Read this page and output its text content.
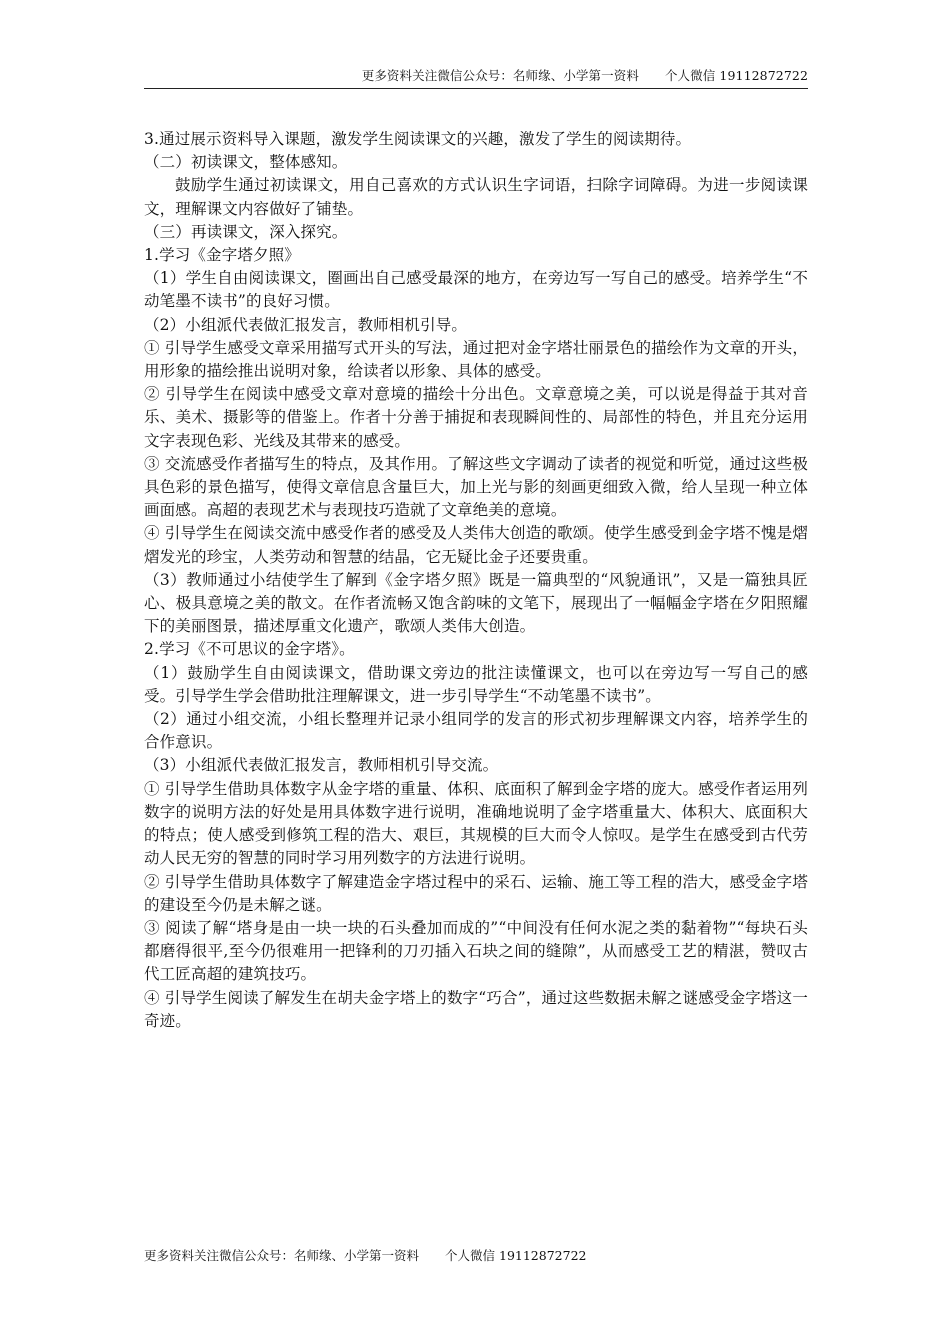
更多资料关注微信公众号：名师缘、小学第一资料 个人微信 19112872722

3.通过展示资料导入课题，激发学生阅读课文的兴趣，激发了学生的阅读期待。

（二）初读课文，整体感知。

鼓励学生通过初读课文，用自己喜欢的方式认识生字词语，扫除字词障碍。为进一步阅读课文，理解课文内容做好了铺垫。

（三）再读课文，深入探究。

1.学习《金字塔夕照》

（1）学生自由阅读课文，圈画出自己感受最深的地方，在旁边写一写自己的感受。培养学生“不动笔墨不读书”的良好习惯。

（2）小组派代表做汇报发言，教师相机引导。

① 引导学生感受文章采用描写式开头的写法，通过把对金字塔壮丽景色的描绘作为文章的开头，用形象的描绘推出说明对象，给读者以形象、具体的感受。

② 引导学生在阅读中感受文章对意境的描绘十分出色。文章意境之美，可以说是得益于其对音乐、美术、摄影等的借鉴上。作者十分善于捕捉和表现瞬间性的、局部性的特色，并且充分运用文字表现色彩、光线及其带来的感受。

③ 交流感受作者描写生的特点，及其作用。了解这些文字调动了读者的视觉和听觉，通过这些极具色彩的景色描写，使得文章信息含量巨大，加上光与影的刻画更细致入微，给人呈现一种立体画面感。高超的表现艺术与表现技巧造就了文章绝美的意境。

④ 引导学生在阅读交流中感受作者的感受及人类伟大创造的歌颂。使学生感受到金字塔不愧是熠熠发光的珍宝，人类劳动和智慧的结晶，它无疑比金子还要贵重。

（3）教师通过小结使学生了解到《金字塔夕照》既是一篇典型的“风貌通讯”，又是一篇独具匠心、极具意境之美的散文。在作者流畅又饱含韵味的文笔下，展现出了一幅幅金字塔在夕阳照耀下的美丽图景，描述厚重文化遗产，歌颂人类伟大创造。

2.学习《不可思议的金字塔》。

（1）鼓励学生自由阅读课文，借助课文旁边的批注读懂课文，也可以在旁边写一写自己的感受。引导学生学会借助批注理解课文，进一步引导学生“不动笔墨不读书”。

（2）通过小组交流，小组长整理并记录小组同学的发言的形式初步理解课文内容，培养学生的合作意识。

（3）小组派代表做汇报发言，教师相机引导交流。

① 引导学生借助具体数字从金字塔的重量、体积、底面积了解到金字塔的庞大。感受作者运用列数字的说明方法的好处是用具体数字进行说明，准确地说明了金字塔重量大、体积大、底面积大的特点；使人感受到修筑工程的浩大、艰巨，其规模的巨大而令人惊叹。是学生在感受到古代劳动人民无穷的智慧的同时学习用列数字的方法进行说明。

② 引导学生借助具体数字了解建造金字塔过程中的采石、运输、施工等工程的浩大，感受金字塔的建设至今仍是未解之谜。

③ 阅读了解“塔身是由一块一块的石头叠加而成的”“中间没有任何水泥之类的黏着物”“每块石头都磨得很平,至今仍很难用一把锋利的刀刃插入石块之间的缝隙”，从而感受工艺的精湛，赞叹古代工匠高超的建筑技巧。

④ 引导学生阅读了解发生在胡夫金字塔上的数字“巧合”，通过这些数据未解之谜感受金字塔这一奇迹。

更多资料关注微信公众号：名师缘、小学第一资料 个人微信 19112872722
